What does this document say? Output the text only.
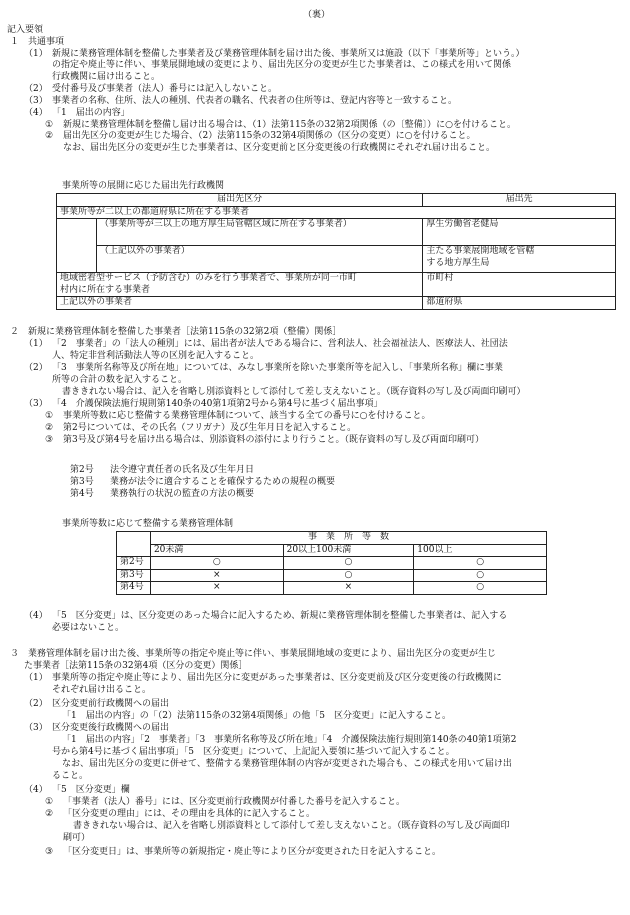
（裏）
記入要領
１　共通事項
（1） 新規に業務管理体制を整備した事業者及び業務管理体制を届け出た後、事業所又は施設（以下「事業所等」という。）
の指定や廃止等に伴い、事業展開地域の変更により、届出先区分の変更が生じた事業者は、この様式を用いて関係
行政機関に届け出ること。
（2） 受付番号及び事業者（法人）番号には記入しないこと。
（3） 事業者の名称、住所、法人の種別、代表者の職名、代表者の住所等は、登記内容等と一致すること。
（4） 「1　届出の内容」
① 新規に業務管理体制を整備し届け出る場合は、（1）法第115条の32第2項関係（の〔整備〕）に○を付けること。
② 届出先区分の変更が生じた場合、（2）法第115条の32第4項関係の（区分の変更）に○を付けること。
なお、届出先区分の変更が生じた事業者は、区分変更前と区分変更後の行政機関にそれぞれ届け出ること。
事業所等の展開に応じた届出先行政機関
届出先区分		届出先
事業所等が二以上の都道府県に所在する事業者		
	（事業所等が三以上の地方厚生局管轄区域に所在する事業者）	厚生労働省老健局
	（上記以外の事業者）	主たる事業展開地域を管轄
する地方厚生局
地域密着型サービス（予防含む）のみを行う事業者で、事業所が同一市町
村内に所在する事業者		市町村
上記以外の事業者		都道府県
２　新規に業務管理体制を整備した事業者［法第115条の32第2項（整備）関係］
（1） 「2　事業者」の「法人の種別」には、届出者が法人である場合に、営利法人、社会福祉法人、医療法人、社団法
人、特定非営利活動法人等の区別を記入すること。
（2） 「3　事業所名称等及び所在地」については、みなし事業所を除いた事業所等を記入し、「事業所名称」欄に事業
所等の合計の数を記入すること。
書ききれない場合は、記入を省略し別添資料として添付して差し支えないこと。（既存資料の写し及び両面印刷可）
（3） 「4　介護保険法施行規則第140条の40第1項第2号から第4号に基づく届出事項」
① 事業所等数に応じ整備する業務管理体制について、該当する全ての番号に○を付けること。
② 第2号については、その氏名（フリガナ）及び生年月日を記入すること。
③ 第3号及び第4号を届け出る場合は、別添資料の添付により行うこと。（既存資料の写し及び両面印刷可）
第2号 法令遵守責任者の氏名及び生年月日
第3号 業務が法令に適合することを確保するための規程の概要
第4号 業務執行の状況の監査の方法の概要
事業所等数に応じて整備する業務管理体制
	事　業　所　等　数		
	20未満	20以上100未満	100以上
第2号	○	○	○
第3号	×	○	○
第4号	×	×	○
（4） 「5　区分変更」は、区分変更のあった場合に記入するため、新規に業務管理体制を整備した事業者は、記入する
必要はないこと。
３　業務管理体制を届け出た後、事業所等の指定や廃止等に伴い、事業展開地域の変更により、届出先区分の変更が生じ
た事業者［法第115条の32第4項（区分の変更）関係］
（1） 事業所等の指定や廃止等により、届出先区分に変更があった事業者は、区分変更前及び区分変更後の行政機関に
それぞれ届け出ること。
（2） 区分変更前行政機関への届出
「1　届出の内容」の「（2）法第115条の32第4項関係」の他「5　区分変更」に記入すること。
（3） 区分変更後行政機関への届出
「1　届出の内容」「2　事業者」「3　事業所名称等及び所在地」「4　介護保険法施行規則第140条の40第1項第2
号から第4号に基づく届出事項」「5　区分変更」について、上記記入要領に基づいて記入すること。
なお、届出先区分の変更に併せて、整備する業務管理体制の内容が変更された場合も、この様式を用いて届け出
ること。
（4） 「5　区分変更」欄
① 「事業者（法人）番号」には、区分変更前行政機関が付番した番号を記入すること。
② 「区分変更の理由」には、その理由を具体的に記入すること。
書ききれない場合は、記入を省略し別添資料として添付して差し支えないこと。（既存資料の写し及び両面印
刷可）
③ 「区分変更日」は、事業所等の新規指定・廃止等により区分が変更された日を記入すること。
